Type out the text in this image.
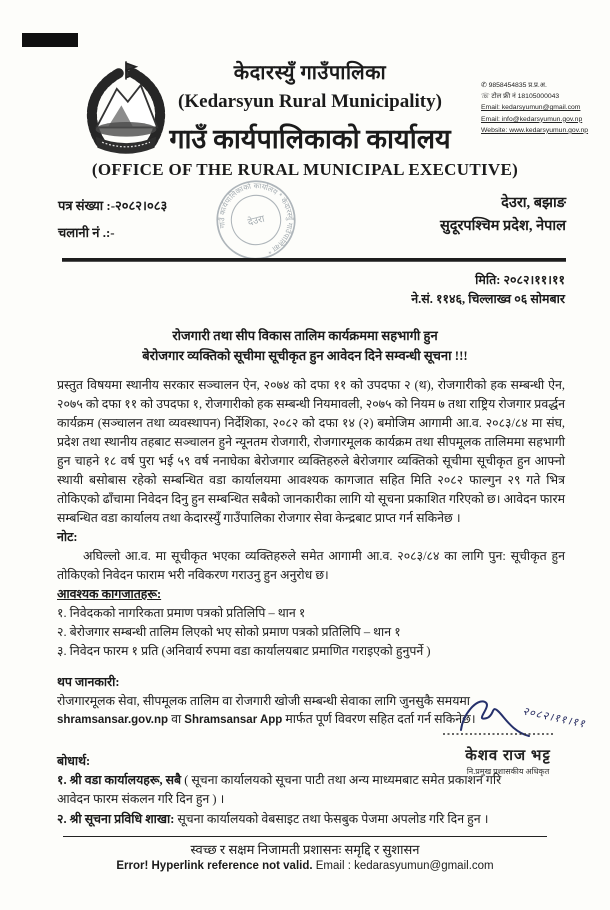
केदारस्युँ गाउँपालिका
(Kedarsyun Rural Municipality)
गाउँ कार्यपालिकाको कार्यालय
(OFFICE OF THE RURAL MUNICIPAL EXECUTIVE)
✆ 9858454835 प्र.प्र.अ.
☏ टोल फ्री नं 18105000043
Email: kedarsyumun@gmail.com
Email: info@kedarsyumun.gov.np
Website: www.kedarsyumun.gov.np
पत्र संख्या :-२०८२।०८३
चलानी नं .:-
देउरा, बझाङ
सुदूरपश्चिम प्रदेश, नेपाल
गाउँ कार्यपालिकाको कार्यालय * केदारस्युँ गाउँपालिका *
देउरा
मिति: २०८२।११।११
ने.सं. ११४६, चिल्लाख्व ०६ सोमबार
रोजगारी तथा सीप विकास तालिम कार्यक्रममा सहभागी हुन
बेरोजगार व्यक्तिको सूचीमा सूचीकृत हुन आवेदन दिने सम्वन्धी सूचना !!!
प्रस्तुत विषयमा स्थानीय सरकार सञ्चालन ऐन, २०७४ को दफा ११ को उपदफा २ (थ), रोजगारीको हक सम्बन्धी ऐन, २०७५ को दफा ११ को उपदफा १, रोजगारीको हक सम्बन्धी नियमावली, २०७५ को नियम ७ तथा राष्ट्रिय रोजगार प्रवर्द्धन कार्यक्रम (सञ्चालन तथा व्यवस्थापन) निर्देशिका, २०८२ को दफा १४ (२) बमोजिम आगामी आ.व. २०८३/८४ मा संघ, प्रदेश तथा स्थानीय तहबाट सञ्चालन हुने न्यूनतम रोजगारी, रोजगारमूलक कार्यक्रम तथा सीपमूलक तालिममा सहभागी हुन चाहने १८ वर्ष पुरा भई ५९ वर्ष ननाघेका बेरोजगार व्यक्तिहरुले बेरोजगार व्यक्तिको सूचीमा सूचीकृत हुन आफ्नो स्थायी बसोबास रहेको सम्बन्धित वडा कार्यालयमा आवश्यक कागजात सहित मिति २०८२ फाल्गुन २९ गते भित्र तोकिएको ढाँचामा निवेदन दिनु हुन सम्बन्धित सबैको जानकारीका लागि यो सूचना प्रकाशित गरिएको छ। आवेदन फारम सम्बन्धित वडा कार्यालय तथा केदारस्युँ गाउँपालिका रोजगार सेवा केन्द्रबाट प्राप्त गर्न सकिनेछ ।
नोट:
अघिल्लो आ.व. मा सूचीकृत भएका व्यक्तिहरुले समेत आगामी आ.व. २०८३/८४ का लागि पुन: सूचीकृत हुन तोकिएको निवेदन फाराम भरी नविकरण गराउनु हुन अनुरोध छ।
आवश्यक कागजातहरू:
१. निवेदकको नागरिकता प्रमाण पत्रको प्रतिलिपि – थान १
२. बेरोजगार सम्बन्धी तालिम लिएको भए सोको प्रमाण पत्रको प्रतिलिपि – थान १
३. निवेदन फारम १ प्रति (अनिवार्य रुपमा वडा कार्यालयबाट प्रमाणित गराइएको हुनुपर्ने )
थप जानकारी:
रोजगारमूलक सेवा, सीपमूलक तालिम वा रोजगारी खोजी सम्बन्धी सेवाका लागि जुनसुकै समयमा shramsansar.gov.np वा Shramsansar App मार्फत पूर्ण विवरण सहित दर्ता गर्न सकिनेछ।	२०८२।११।११
केशव राज भट्ट
नि.प्रमुख प्रशासकीय अधिकृत
बोधार्थ:
१. श्री वडा कार्यालयहरू, सबै ( सूचना कार्यालयको सूचना पाटी तथा अन्य माध्यमबाट समेत प्रकाशन गरि आवेदन फारम संकलन गरि दिन हुन ) ।
२. श्री सूचना प्रविधि शाखा: सूचना कार्यालयको वेबसाइट तथा फेसबुक पेजमा अपलोड गरि दिन हुन ।
स्वच्छ र सक्षम निजामती प्रशासनः समृद्दि र सुशासन
Error! Hyperlink reference not valid. Email : kedarasyumun@gmail.com
